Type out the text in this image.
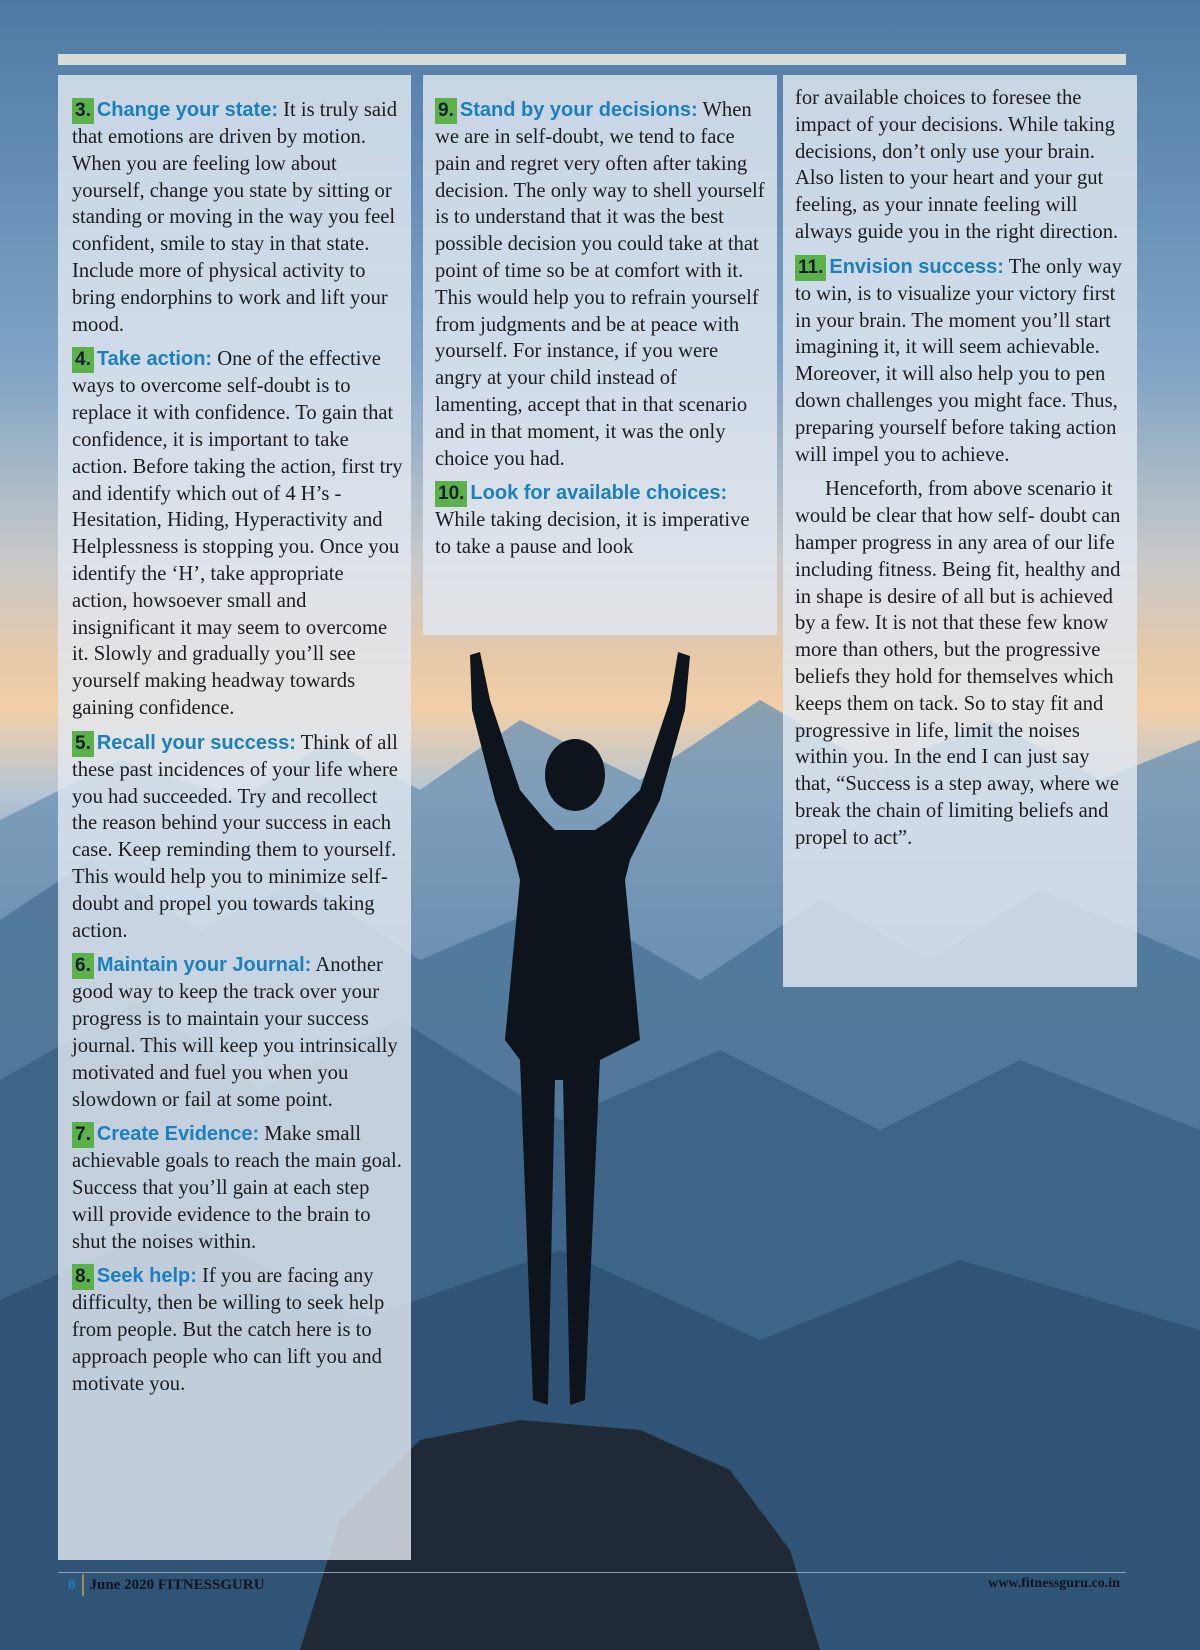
3. Change your state: It is truly said that emotions are driven by motion. When you are feeling low about yourself, change you state by sitting or standing or moving in the way you feel confident, smile to stay in that state. Include more of physical activity to bring endorphins to work and lift your mood.

4. Take action: One of the effective ways to overcome self-doubt is to replace it with confidence. To gain that confidence, it is important to take action. Before taking the action, first try and identify which out of 4 H’s - Hesitation, Hiding, Hyperactivity and Helplessness is stopping you. Once you identify the ‘H’, take appropriate action, howsoever small and insignificant it may seem to overcome it. Slowly and gradually you’ll see yourself making headway towards gaining confidence.

5. Recall your success: Think of all these past incidences of your life where you had succeeded. Try and recollect the reason behind your success in each case. Keep reminding them to yourself. This would help you to minimize self-doubt and propel you towards taking action.

6. Maintain your Journal: Another good way to keep the track over your progress is to maintain your success journal. This will keep you intrinsically motivated and fuel you when you slowdown or fail at some point.

7. Create Evidence: Make small achievable goals to reach the main goal. Success that you’ll gain at each step will provide evidence to the brain to shut the noises within.

8. Seek help: If you are facing any difficulty, then be willing to seek help from people. But the catch here is to approach people who can lift you and motivate you.

9. Stand by your decisions: When we are in self-doubt, we tend to face pain and regret very often after taking decision. The only way to shell yourself is to understand that it was the best possible decision you could take at that point of time so be at comfort with it. This would help you to refrain yourself from judgments and be at peace with yourself. For instance, if you were angry at your child instead of lamenting, accept that in that scenario and in that moment, it was the only choice you had.

10. Look for available choices: While taking decision, it is imperative to take a pause and look

for available choices to foresee the impact of your decisions. While taking decisions, don’t only use your brain. Also listen to your heart and your gut feeling, as your innate feeling will always guide you in the right direction.

11. Envision success: The only way to win, is to visualize your victory first in your brain. The moment you’ll start imagining it, it will seem achievable. Moreover, it will also help you to pen down challenges you might face. Thus, preparing yourself before taking action will impel you to achieve.

Henceforth, from above scenario it would be clear that how self- doubt can hamper progress in any area of our life including fitness. Being fit, healthy and in shape is desire of all but is achieved by a few. It is not that these few know more than others, but the progressive beliefs they hold for themselves which keeps them on tack. So to stay fit and progressive in life, limit the noises within you. In the end I can just say that, “Success is a step away, where we break the chain of limiting beliefs and propel to act”.

8 June 2020 FITNESSGURU	www.fitnessguru.co.in
